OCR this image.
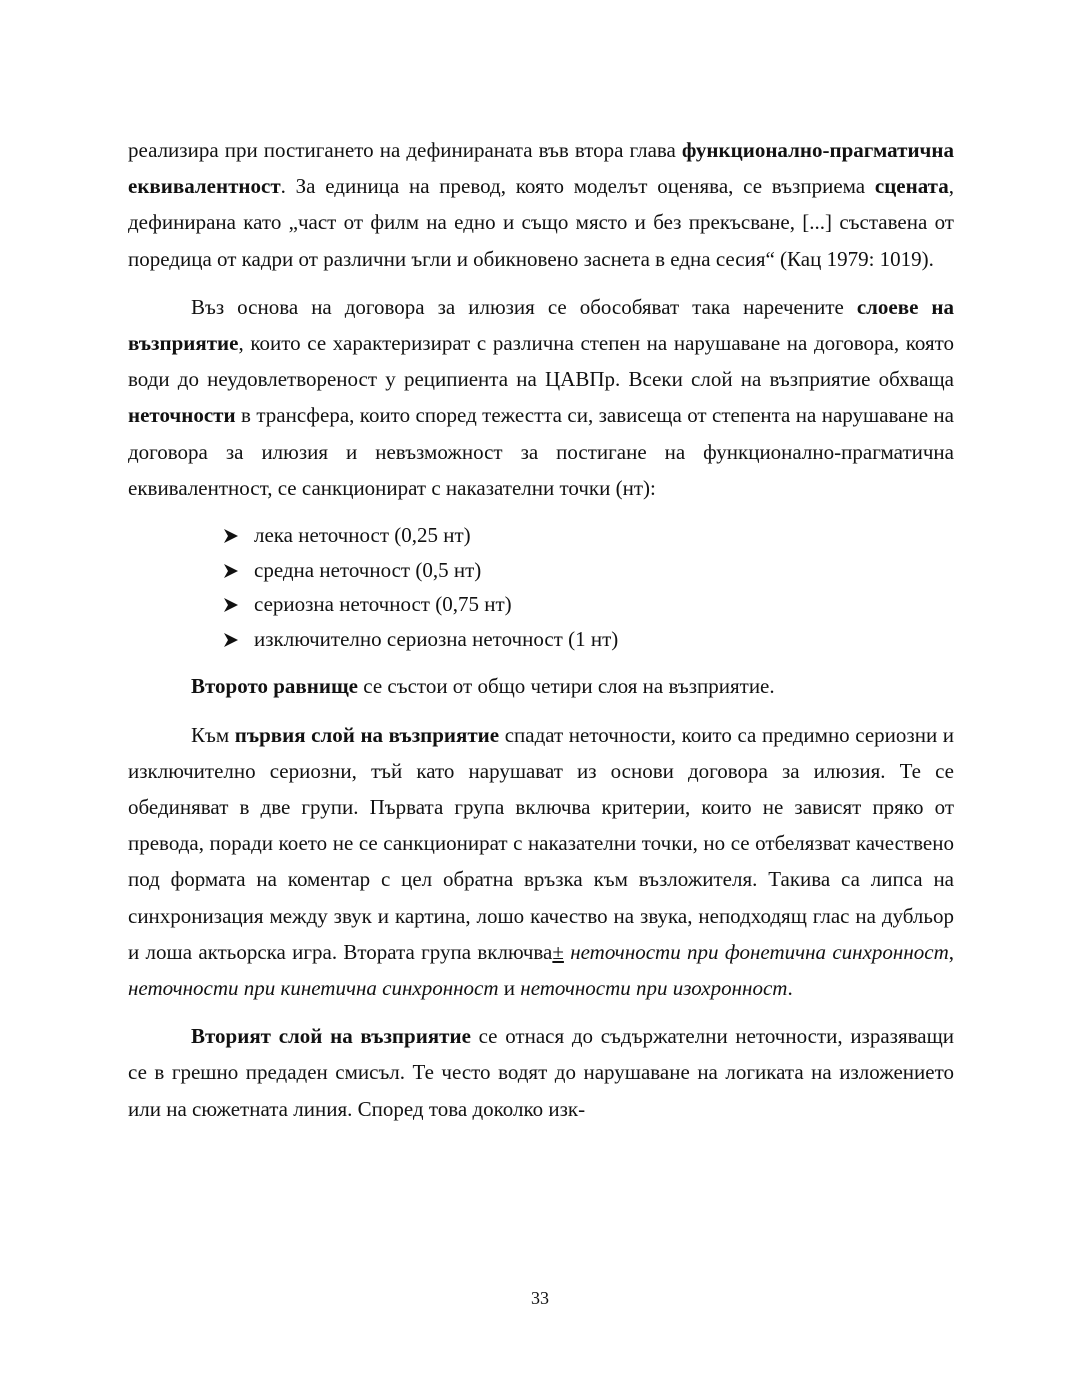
реализира при постигането на дефинираната във втора глава функционално-прагматична еквивалентност. За единица на превод, която моделът оценява, се възприема сцената, дефинирана като „част от филм на едно и също място и без прекъсване, [...] съставена от поредица от кадри от различни ъгли и обикновено заснета в една сесия“ (Кац 1979: 1019).

Въз основа на договора за илюзия се обособяват така наречените слоеве на възприятие, които се характеризират с различна степен на нарушаване на договора, която води до неудовлетвореност у реципиента на ЦАВПр. Всеки слой на възприятие обхваща неточности в трансфера, които според тежестта си, зависеща от степента на нарушаване на договора за илюзия и невъзможност за постигане на функционално-прагматична еквивалентност, се санкционират с наказателни точки (нт):

лека неточност (0,25 нт)
средна неточност (0,5 нт)
сериозна неточност (0,75 нт)
изключително сериозна неточност (1 нт)

Второто равнище се състои от общо четири слоя на възприятие.

Към първия слой на възприятие спадат неточности, които са предимно сериозни и изключително сериозни, тъй като нарушават из основи договора за илюзия. Те се обединяват в две групи. Първата група включва критерии, които не зависят пряко от превода, поради което не се санкционират с наказателни точки, но се отбелязват качествено под формата на коментар с цел обратна връзка към възложителя. Такива са липса на синхронизация между звук и картина, лошо качество на звука, неподходящ глас на дубльор и лоша актьорска игра. Втората група включва± неточности при фонетична синхронност, неточности при кинетична синхронност и неточности при изохронност.

Вторият слой на възприятие се отнася до съдържателни неточности, изразяващи се в грешно предаден смисъл. Те често водят до нарушаване на логиката на изложението или на сюжетната линия. Според това доколко изк-

33
